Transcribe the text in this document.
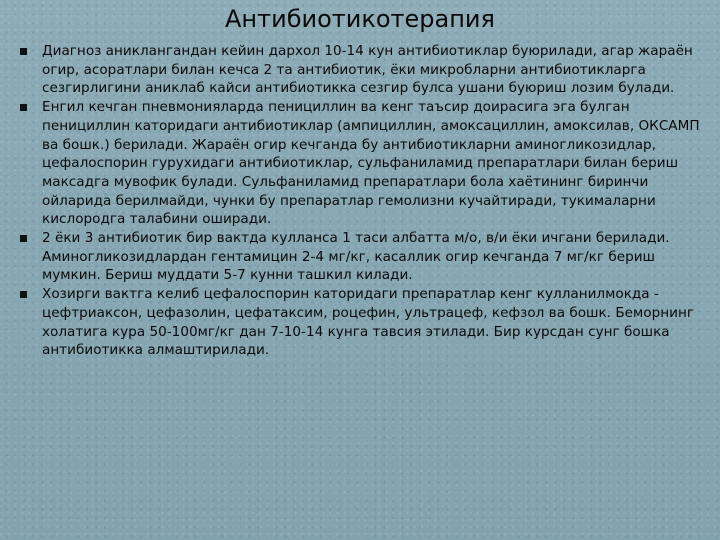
Антибиотикотерапия
Диагноз аниклангандан кейин дархол 10-14 кун антибиотиклар буюрилади, агар жараён огир, асоратлари билан кечса 2 та антибиотик, ёки микробларни антибиотикларга сезгирлигини аниклаб кайси антибиотикка сезгир булса ушани буюриш лозим булади.
Енгил кечган пневмонияларда пенициллин ва кенг таъсир доирасига эга булган пенициллин катоpидаги антибиотиклар (ампициллин, амоксациллин, амоксилав, ОКСАМП ва бошк.) берилади. Жараён огир кечганда бу антибиотикларни аминогликозидлар, цефалоспорин гурухидаги антибиотиклар, сульфаниламид препаратлари билан бериш максадга мувофик булади. Сульфаниламид препаратлари бола хаётининг биринчи ойларида берилмайди, чунки бу препаратлар гемолизни кучайтиради, тукималарни кислородга талабини оширади.
2 ёки 3 антибиотик бир вактда кулланса 1 таси албатта м/о, в/и ёки ичгани берилади. Аминогликозидлардан гентамицин 2-4 мг/кг, касаллик огир кечганда 7 мг/кг бериш мумкин. Бериш муддати 5-7 кунни ташкил килади.
Хозирги вактга келиб цефалоспорин катоpидаги препаратлар кенг кулланилмокда - цефтриаксон, цефазолин, цефатаксим, роцефин, ультрацеф, кефзол ва бошк. Беморнинг холатига кура 50-100мг/кг дан 7-10-14 кунга тавсия этилади. Бир курсдан сунг бошка антибиотикка алмаштирилади.
